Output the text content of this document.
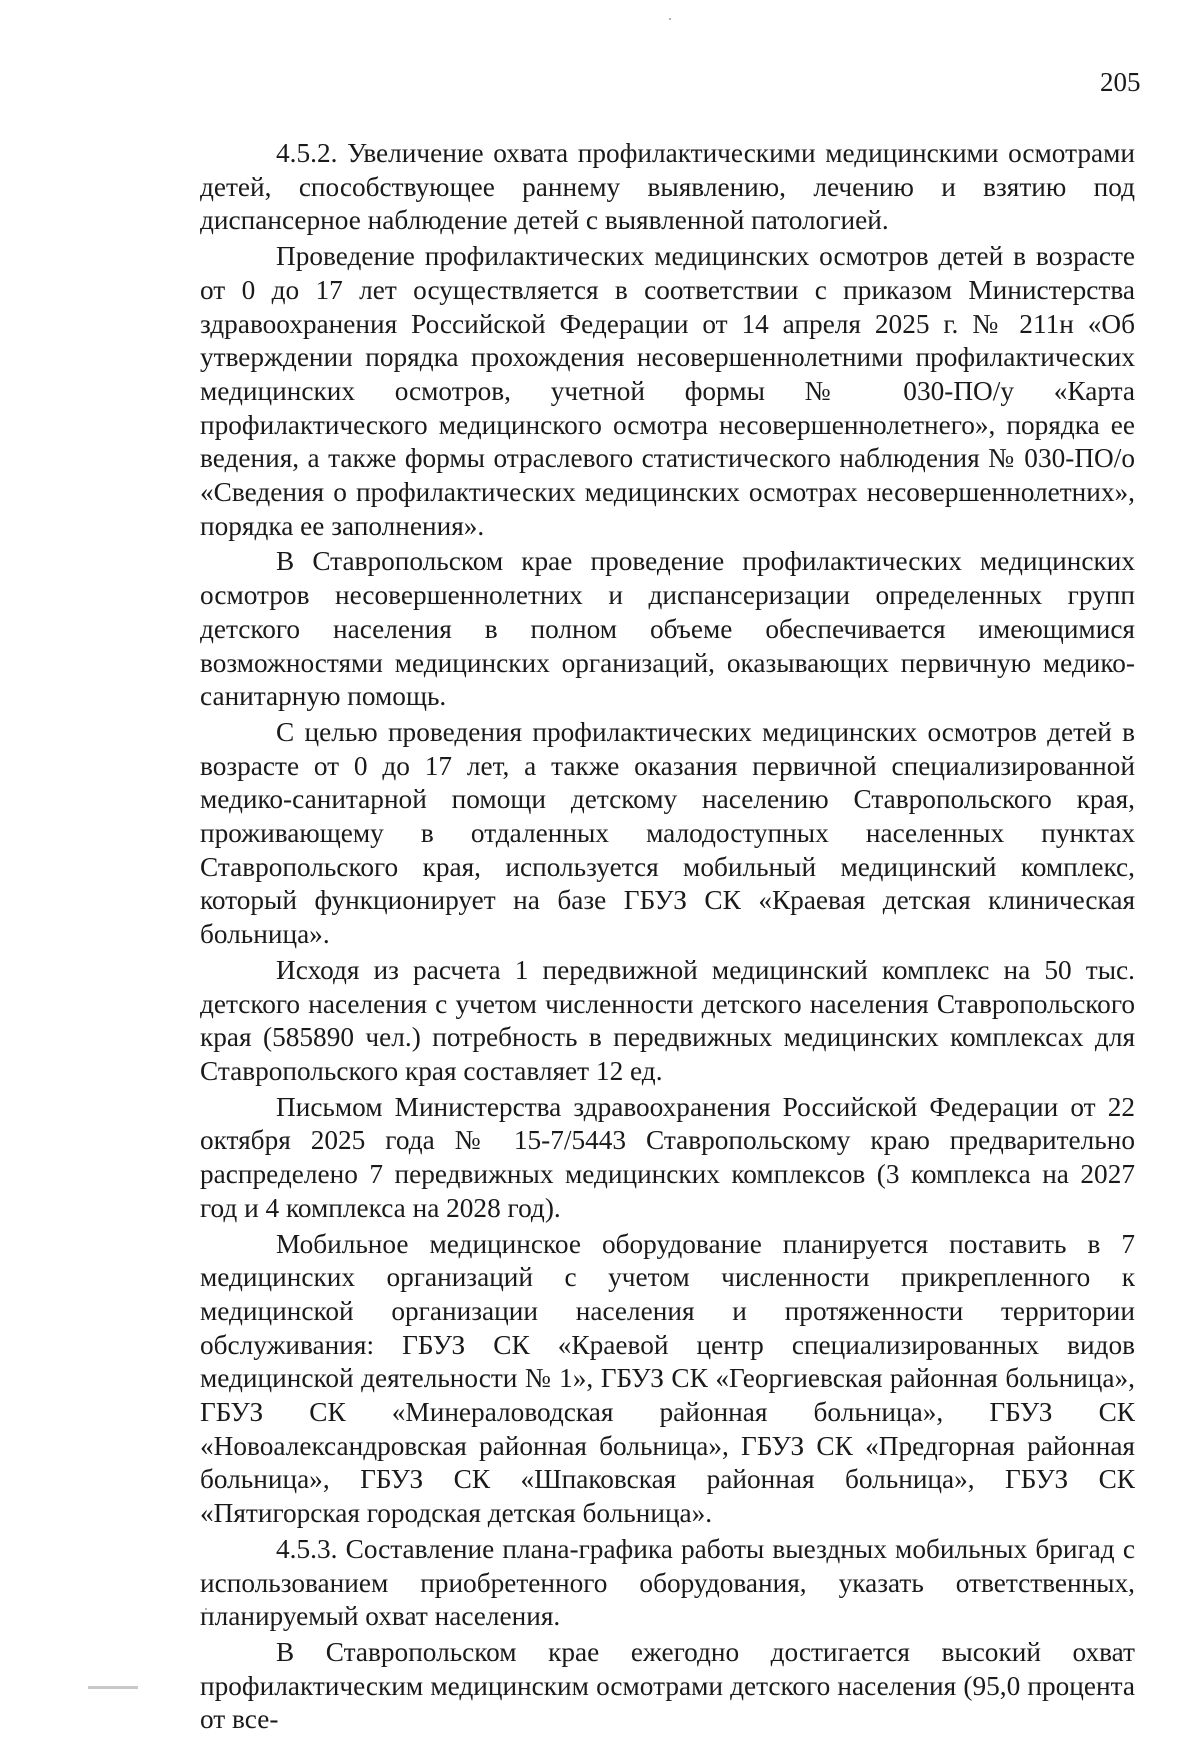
205

4.5.2. Увеличение охвата профилактическими медицинскими осмотрами детей, способствующее раннему выявлению, лечению и взятию под диспансерное наблюдение детей с выявленной патологией.

Проведение профилактических медицинских осмотров детей в возрасте от 0 до 17 лет осуществляется в соответствии с приказом Министерства здравоохранения Российской Федерации от 14 апреля 2025 г. № 211н «Об утверждении порядка прохождения несовершеннолетними профилактических медицинских осмотров, учетной формы № 030-ПО/у «Карта профилактического медицинского осмотра несовершеннолетнего», порядка ее ведения, а также формы отраслевого статистического наблюдения № 030-ПО/о «Сведения о профилактических медицинских осмотрах несовершеннолетних», порядка ее заполнения».

В Ставропольском крае проведение профилактических медицинских осмотров несовершеннолетних и диспансеризации определенных групп детского населения в полном объеме обеспечивается имеющимися возможностями медицинских организаций, оказывающих первичную медико-санитарную помощь.

С целью проведения профилактических медицинских осмотров детей в возрасте от 0 до 17 лет, а также оказания первичной специализированной медико-санитарной помощи детскому населению Ставропольского края, проживающему в отдаленных малодоступных населенных пунктах Ставропольского края, используется мобильный медицинский комплекс, который функционирует на базе ГБУЗ СК «Краевая детская клиническая больница».

Исходя из расчета 1 передвижной медицинский комплекс на 50 тыс. детского населения с учетом численности детского населения Ставропольского края (585890 чел.) потребность в передвижных медицинских комплексах для Ставропольского края составляет 12 ед.

Письмом Министерства здравоохранения Российской Федерации от 22 октября 2025 года № 15-7/5443 Ставропольскому краю предварительно распределено 7 передвижных медицинских комплексов (3 комплекса на 2027 год и 4 комплекса на 2028 год).

Мобильное медицинское оборудование планируется поставить в 7 медицинских организаций с учетом численности прикрепленного к медицинской организации населения и протяженности территории обслуживания: ГБУЗ СК «Краевой центр специализированных видов медицинской деятельности № 1», ГБУЗ СК «Георгиевская районная больница», ГБУЗ СК «Минераловодская районная больница», ГБУЗ СК «Новоалександровская районная больница», ГБУЗ СК «Предгорная районная больница», ГБУЗ СК «Шпаковская районная больница», ГБУЗ СК «Пятигорская городская детская больница».

4.5.3. Составление плана-графика работы выездных мобильных бригад с использованием приобретенного оборудования, указать ответственных, планируемый охват населения.

В Ставропольском крае ежегодно достигается высокий охват профилактическим медицинским осмотрами детского населения (95,0 процента от все-
